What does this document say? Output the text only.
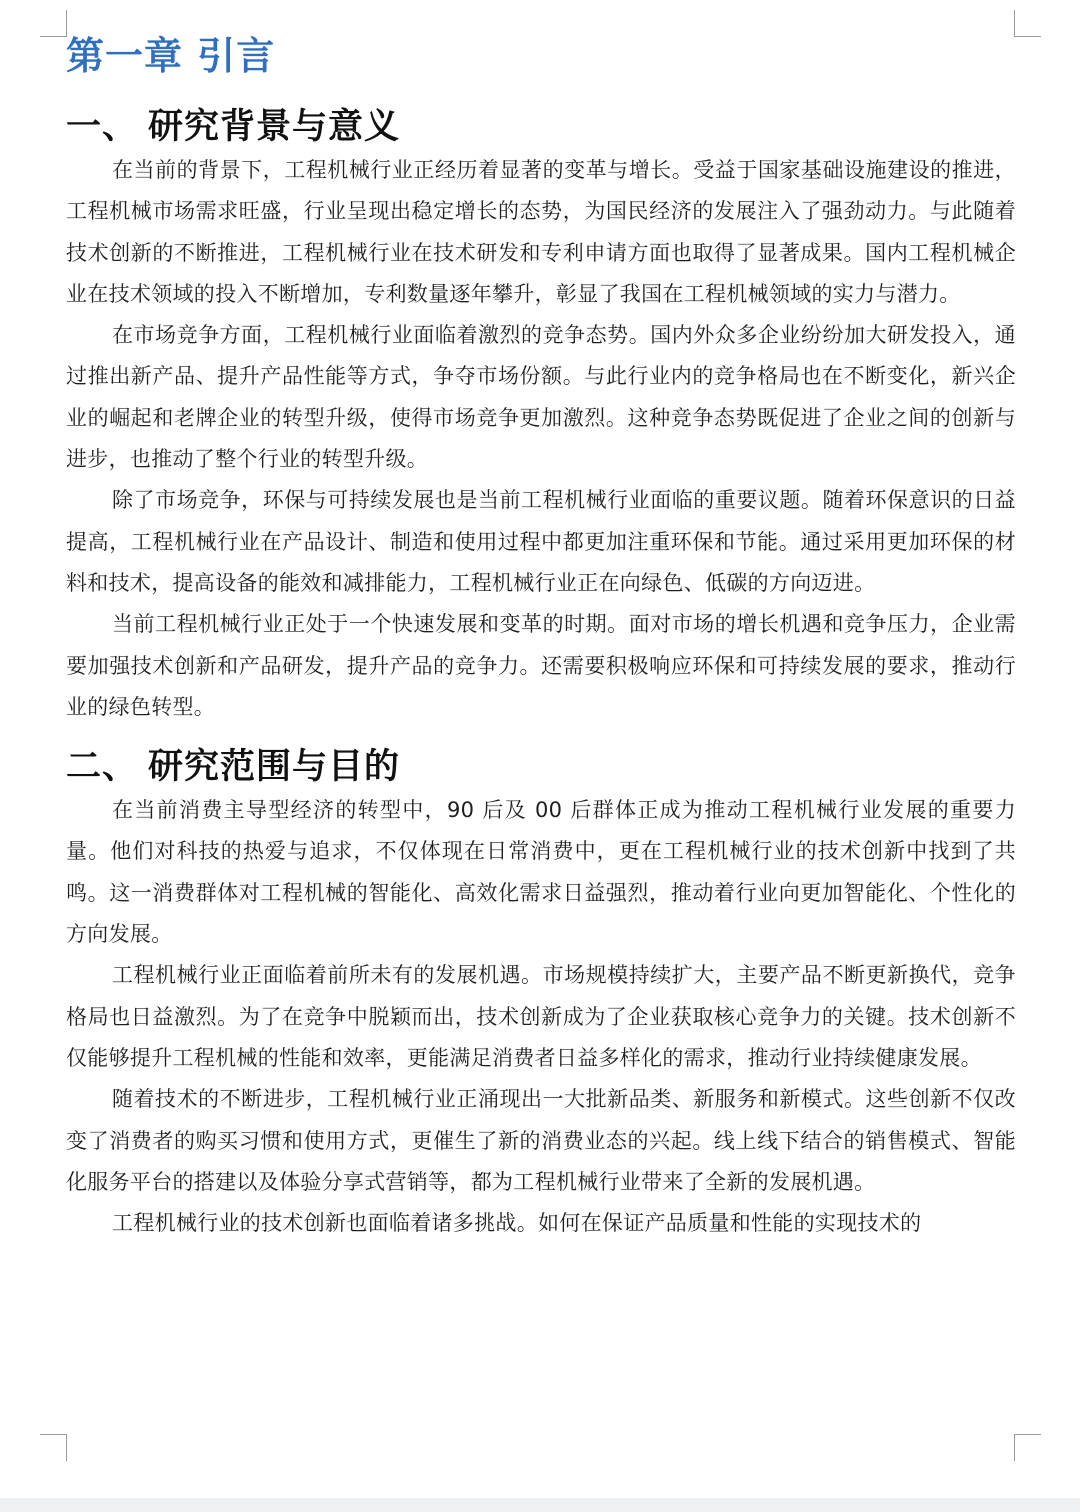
第一章 引言
一、 研究背景与意义

在当前的背景下，工程机械行业正经历着显著的变革与增长。受益于国家基础设施建设的推进，工程机械市场需求旺盛，行业呈现出稳定增长的态势，为国民经济的发展注入了强劲动力。与此随着技术创新的不断推进，工程机械行业在技术研发和专利申请方面也取得了显著成果。国内工程机械企业在技术领域的投入不断增加，专利数量逐年攀升，彰显了我国在工程机械领域的实力与潜力。

在市场竞争方面，工程机械行业面临着激烈的竞争态势。国内外众多企业纷纷加大研发投入，通过推出新产品、提升产品性能等方式，争夺市场份额。与此行业内的竞争格局也在不断变化，新兴企业的崛起和老牌企业的转型升级，使得市场竞争更加激烈。这种竞争态势既促进了企业之间的创新与进步，也推动了整个行业的转型升级。

除了市场竞争，环保与可持续发展也是当前工程机械行业面临的重要议题。随着环保意识的日益提高，工程机械行业在产品设计、制造和使用过程中都更加注重环保和节能。通过采用更加环保的材料和技术，提高设备的能效和减排能力，工程机械行业正在向绿色、低碳的方向迈进。

当前工程机械行业正处于一个快速发展和变革的时期。面对市场的增长机遇和竞争压力，企业需要加强技术创新和产品研发，提升产品的竞争力。还需要积极响应环保和可持续发展的要求，推动行业的绿色转型。

二、 研究范围与目的

在当前消费主导型经济的转型中，90 后及 00 后群体正成为推动工程机械行业发展的重要力量。他们对科技的热爱与追求，不仅体现在日常消费中，更在工程机械行业的技术创新中找到了共鸣。这一消费群体对工程机械的智能化、高效化需求日益强烈，推动着行业向更加智能化、个性化的方向发展。

工程机械行业正面临着前所未有的发展机遇。市场规模持续扩大，主要产品不断更新换代，竞争格局也日益激烈。为了在竞争中脱颖而出，技术创新成为了企业获取核心竞争力的关键。技术创新不仅能够提升工程机械的性能和效率，更能满足消费者日益多样化的需求，推动行业持续健康发展。

随着技术的不断进步，工程机械行业正涌现出一大批新品类、新服务和新模式。这些创新不仅改变了消费者的购买习惯和使用方式，更催生了新的消费业态的兴起。线上线下结合的销售模式、智能化服务平台的搭建以及体验分享式营销等，都为工程机械行业带来了全新的发展机遇。

工程机械行业的技术创新也面临着诸多挑战。如何在保证产品质量和性能的实现技术的
